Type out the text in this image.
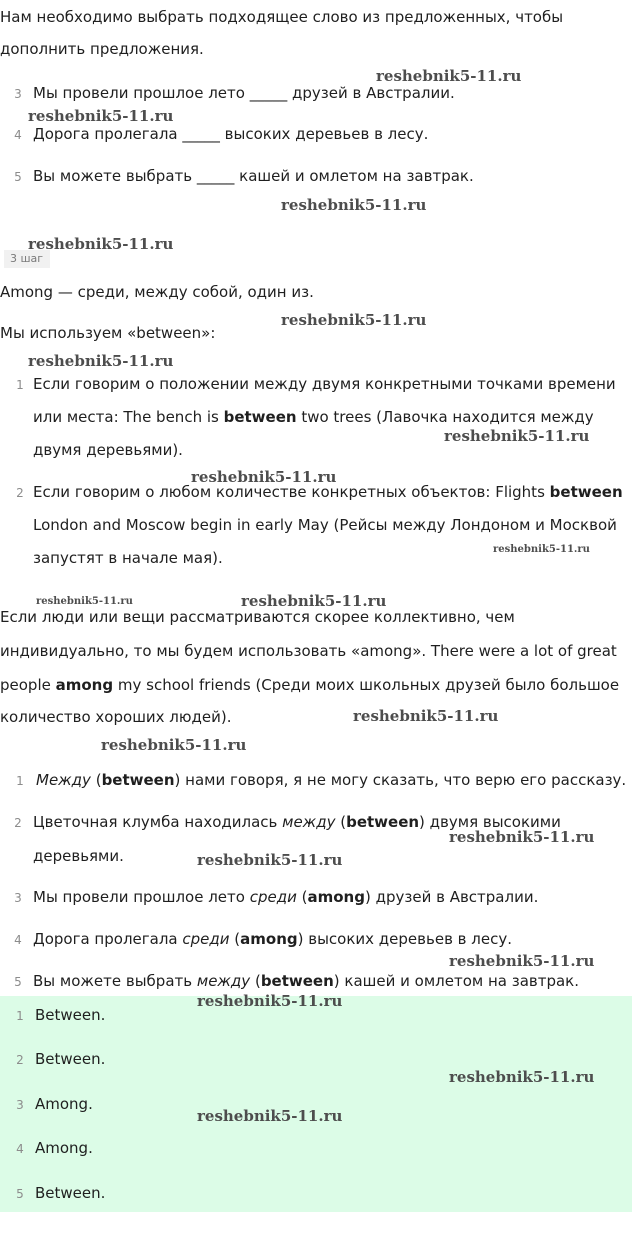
Нам необходимо выбрать подходящее слово из предложенных, чтобы
дополнить предложения.
3 Мы провели прошлое лето _____ друзей в Австралии.
4 Дорога пролегала _____ высоких деревьев в лесу.
5 Вы можете выбрать _____ кашей и омлетом на завтрак.
3 шаг
Among — среди, между собой, один из.
Мы используем «between»:
1 Если говорим о положении между двумя конкретными точками времени
или места: The bench is between two trees (Лавочка находится между
двумя деревьями).
2 Если говорим о любом количестве конкретных объектов: Flights between
London and Moscow begin in early May (Рейсы между Лондоном и Москвой
запустят в начале мая).
Если люди или вещи рассматриваются скорее коллективно, чем
индивидуально, то мы будем использовать «among». There were a lot of great
people among my school friends (Среди моих школьных друзей было большое
количество хороших людей).
1 Между (between) нами говоря, я не могу сказать, что верю его рассказу.
2 Цветочная клумба находилась между (between) двумя высокими
деревьями.
3 Мы провели прошлое лето среди (among) друзей в Австралии.
4 Дорога пролегала среди (among) высоких деревьев в лесу.
5 Вы можете выбрать между (between) кашей и омлетом на завтрак.
1 Between.
2 Between.
3 Among.
4 Among.
5 Between.
reshebnik5-11.ru
reshebnik5-11.ru
reshebnik5-11.ru
reshebnik5-11.ru
reshebnik5-11.ru
reshebnik5-11.ru
reshebnik5-11.ru
reshebnik5-11.ru
reshebnik5-11.ru
reshebnik5-11.ru	reshebnik5-11.ru
reshebnik5-11.ru
reshebnik5-11.ru
reshebnik5-11.ru
reshebnik5-11.ru
reshebnik5-11.ru
reshebnik5-11.ru
reshebnik5-11.ru
reshebnik5-11.ru
